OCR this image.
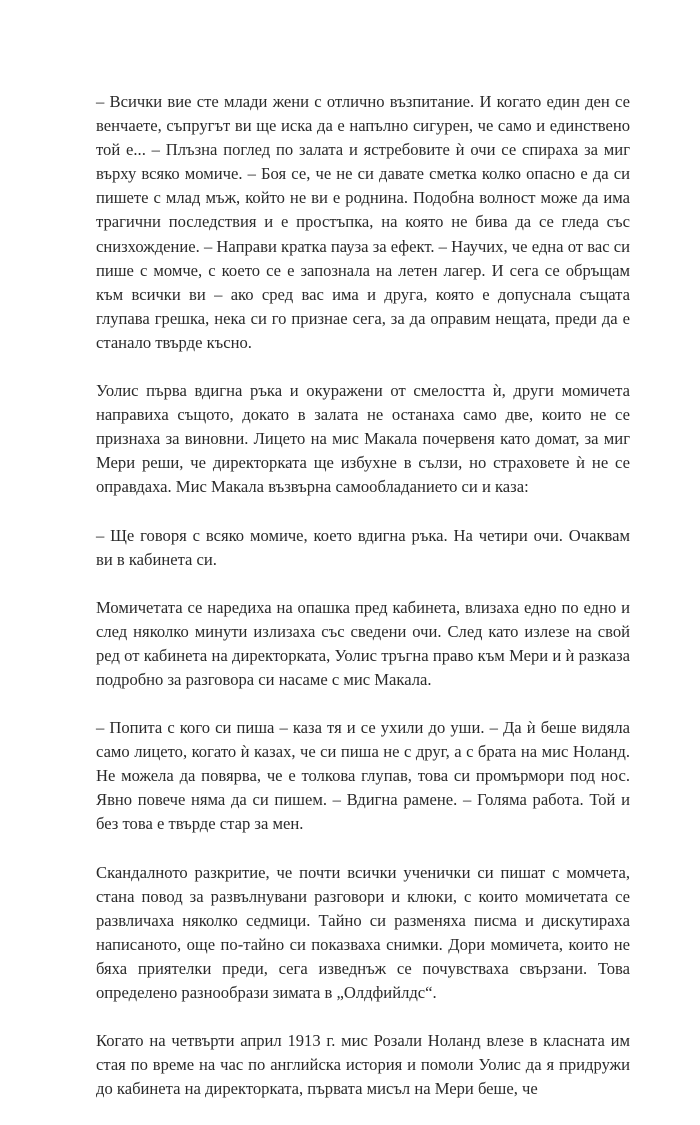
– Всички вие сте млади жени с отлично възпитание. И когато един ден се венчаете, съпругът ви ще иска да е напълно сигурен, че само и единствено той е... – Плъзна поглед по залата и ястребовите ѝ очи се спираха за миг върху всяко момиче. – Боя се, че не си давате сметка колко опасно е да си пишете с млад мъж, който не ви е роднина. Подобна волност може да има трагични последствия и е простъпка, на която не бива да се гледа със снизхождение. – Направи кратка пауза за ефект. – Научих, че една от вас си пише с момче, с което се е запознала на летен лагер. И сега се обръщам към всички ви – ако сред вас има и друга, която е допуснала същата глупава грешка, нека си го признае сега, за да оправим нещата, преди да е станало твърде късно.

Уолис първа вдигна ръка и окуражени от смелостта ѝ, други момичета направиха същото, докато в залата не останаха само две, които не се признаха за виновни. Лицето на мис Макала почервеня като домат, за миг Мери реши, че директорката ще избухне в сълзи, но страховете ѝ не се оправдаха. Мис Макала възвърна самообладанието си и каза:

– Ще говоря с всяко момиче, което вдигна ръка. На четири очи. Очаквам ви в кабинета си.

Момичетата се наредиха на опашка пред кабинета, влизаха едно по едно и след няколко минути излизаха със сведени очи. След като излезе на свой ред от кабинета на директорката, Уолис тръгна право към Мери и ѝ разказа подробно за разговора си насаме с мис Макала.

– Попита с кого си пиша – каза тя и се ухили до уши. – Да ѝ беше видяла само лицето, когато ѝ казах, че си пиша не с друг, а с брата на мис Ноланд. Не можела да повярва, че е толкова глупав, това си промърмори под нос. Явно повече няма да си пишем. – Вдигна рамене. – Голяма работа. Той и без това е твърде стар за мен.

Скандалното разкритие, че почти всички ученички си пишат с момчета, стана повод за развълнувани разговори и клюки, с които момичетата се развличаха няколко седмици. Тайно си разменяха писма и дискутираха написаното, още по-тайно си показваха снимки. Дори момичета, които не бяха приятелки преди, сега изведнъж се почувстваха свързани. Това определено разнообрази зимата в „Олдфийлдс“.

Когато на четвърти април 1913 г. мис Розали Ноланд влезе в класната им стая по време на час по английска история и помоли Уолис да я придружи до кабинета на директорката, първата мисъл на Мери беше, че
